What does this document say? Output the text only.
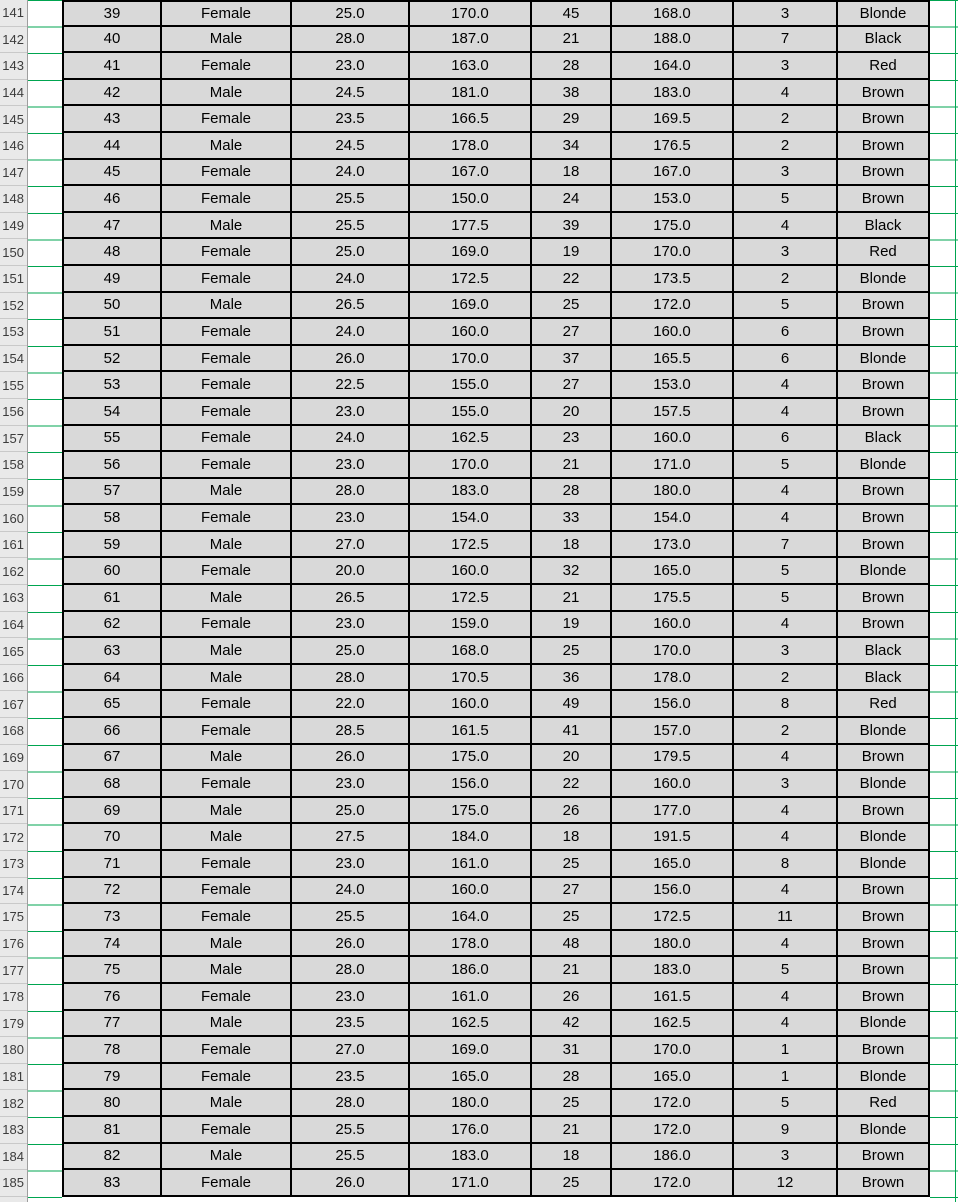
141
142
143
144
145
146
147
148
149
150
151
152
153
154
155
156
157
158
159
160
161
162
163
164
165
166
167
168
169
170
171
172
173
174
175
176
177
178
179
180
181
182
183
184
185
39	Female	25.0	170.0	45	168.0	3	Blonde
40	Male	28.0	187.0	21	188.0	7	Black
41	Female	23.0	163.0	28	164.0	3	Red
42	Male	24.5	181.0	38	183.0	4	Brown
43	Female	23.5	166.5	29	169.5	2	Brown
44	Male	24.5	178.0	34	176.5	2	Brown
45	Female	24.0	167.0	18	167.0	3	Brown
46	Female	25.5	150.0	24	153.0	5	Brown
47	Male	25.5	177.5	39	175.0	4	Black
48	Female	25.0	169.0	19	170.0	3	Red
49	Female	24.0	172.5	22	173.5	2	Blonde
50	Male	26.5	169.0	25	172.0	5	Brown
51	Female	24.0	160.0	27	160.0	6	Brown
52	Female	26.0	170.0	37	165.5	6	Blonde
53	Female	22.5	155.0	27	153.0	4	Brown
54	Female	23.0	155.0	20	157.5	4	Brown
55	Female	24.0	162.5	23	160.0	6	Black
56	Female	23.0	170.0	21	171.0	5	Blonde
57	Male	28.0	183.0	28	180.0	4	Brown
58	Female	23.0	154.0	33	154.0	4	Brown
59	Male	27.0	172.5	18	173.0	7	Brown
60	Female	20.0	160.0	32	165.0	5	Blonde
61	Male	26.5	172.5	21	175.5	5	Brown
62	Female	23.0	159.0	19	160.0	4	Brown
63	Male	25.0	168.0	25	170.0	3	Black
64	Male	28.0	170.5	36	178.0	2	Black
65	Female	22.0	160.0	49	156.0	8	Red
66	Female	28.5	161.5	41	157.0	2	Blonde
67	Male	26.0	175.0	20	179.5	4	Brown
68	Female	23.0	156.0	22	160.0	3	Blonde
69	Male	25.0	175.0	26	177.0	4	Brown
70	Male	27.5	184.0	18	191.5	4	Blonde
71	Female	23.0	161.0	25	165.0	8	Blonde
72	Female	24.0	160.0	27	156.0	4	Brown
73	Female	25.5	164.0	25	172.5	11	Brown
74	Male	26.0	178.0	48	180.0	4	Brown
75	Male	28.0	186.0	21	183.0	5	Brown
76	Female	23.0	161.0	26	161.5	4	Brown
77	Male	23.5	162.5	42	162.5	4	Blonde
78	Female	27.0	169.0	31	170.0	1	Brown
79	Female	23.5	165.0	28	165.0	1	Blonde
80	Male	28.0	180.0	25	172.0	5	Red
81	Female	25.5	176.0	21	172.0	9	Blonde
82	Male	25.5	183.0	18	186.0	3	Brown
83	Female	26.0	171.0	25	172.0	12	Brown
